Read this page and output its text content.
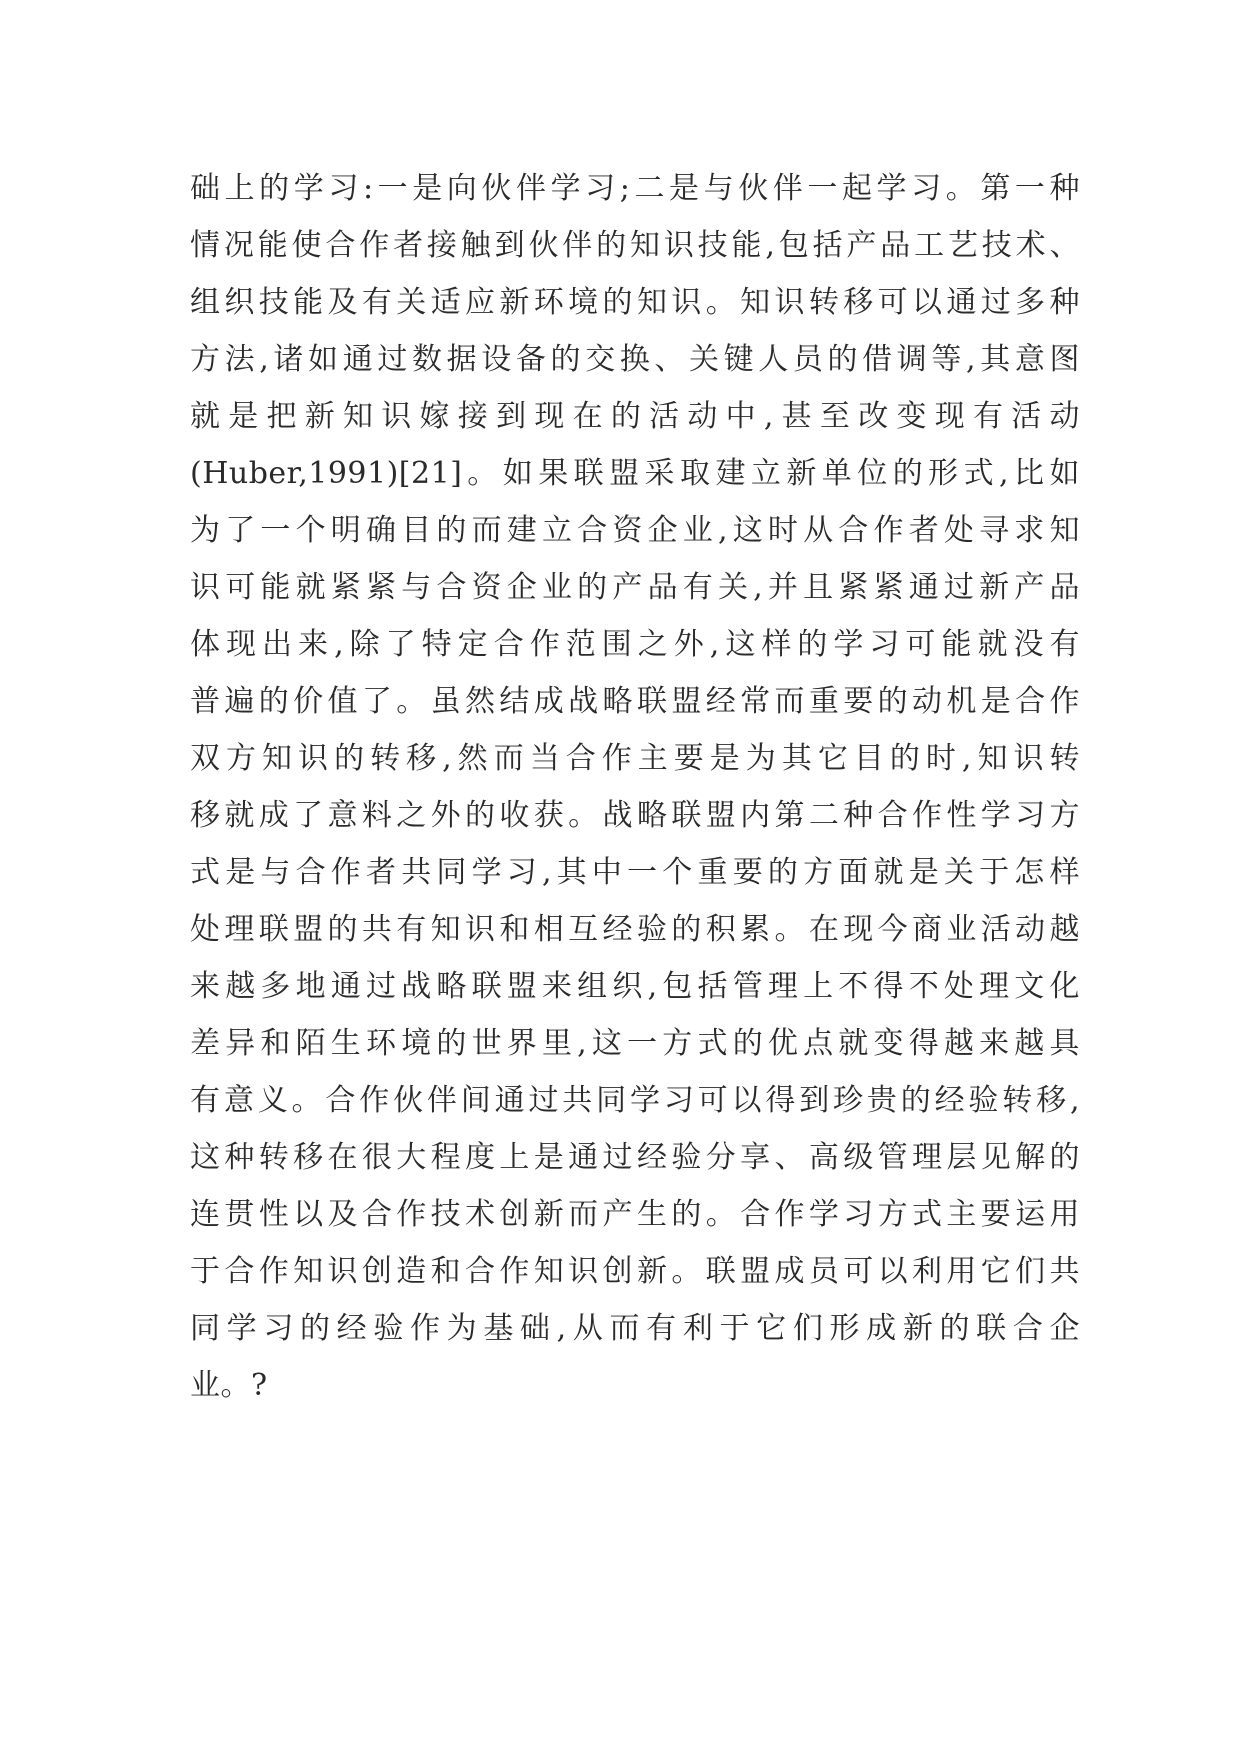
础上的学习:一是向伙伴学习;二是与伙伴一起学习。第一种
情况能使合作者接触到伙伴的知识技能,包括产品工艺技术、
组织技能及有关适应新环境的知识。知识转移可以通过多种
方法,诸如通过数据设备的交换、关键人员的借调等,其意图
就是把新知识嫁接到现在的活动中,甚至改变现有活动
(Huber,1991)[21]。如果联盟采取建立新单位的形式,比如
为了一个明确目的而建立合资企业,这时从合作者处寻求知
识可能就紧紧与合资企业的产品有关,并且紧紧通过新产品
体现出来,除了特定合作范围之外,这样的学习可能就没有
普遍的价值了。虽然结成战略联盟经常而重要的动机是合作
双方知识的转移,然而当合作主要是为其它目的时,知识转
移就成了意料之外的收获。战略联盟内第二种合作性学习方
式是与合作者共同学习,其中一个重要的方面就是关于怎样
处理联盟的共有知识和相互经验的积累。在现今商业活动越
来越多地通过战略联盟来组织,包括管理上不得不处理文化
差异和陌生环境的世界里,这一方式的优点就变得越来越具
有意义。合作伙伴间通过共同学习可以得到珍贵的经验转移,
这种转移在很大程度上是通过经验分享、高级管理层见解的
连贯性以及合作技术创新而产生的。合作学习方式主要运用
于合作知识创造和合作知识创新。联盟成员可以利用它们共
同学习的经验作为基础,从而有利于它们形成新的联合企
业。?
